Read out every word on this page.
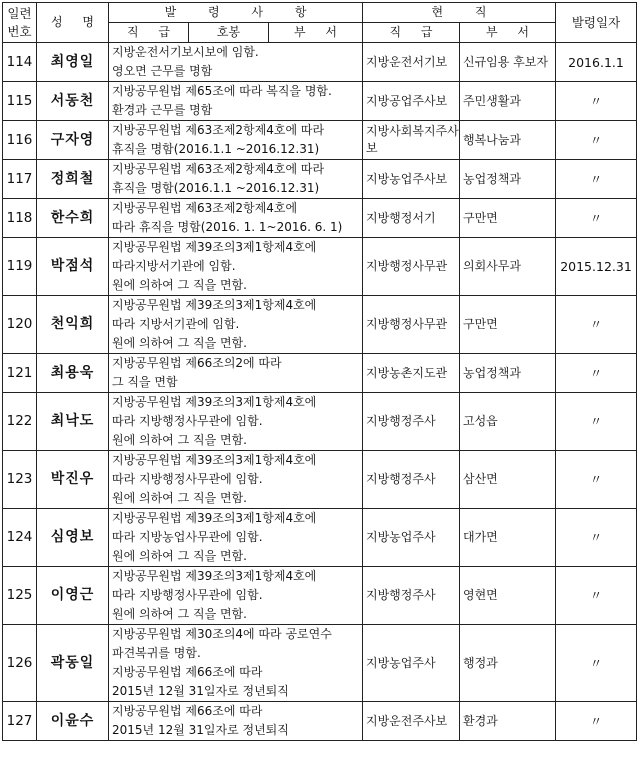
일련
번호	성 명	발 령 사 항			현 직		발령일자
		직 급	호봉	부 서	직 급	부 서	
114	최영일	지방운전서기보시보에 임함.
영오면 근무를 명함			지방운전서기보	신규임용 후보자	2016.1.1
115	서동천	지방공무원법 제65조에 따라 복직을 명함.
환경과 근무를 명함			지방공업주사보	주민생활과	〃
116	구자영	지방공무원법 제63조제2항제4호에 따라
휴직을 명함(2016.1.1 ~2016.12.31)			지방사회복지주사보	행복나눔과	〃
117	정희철	지방공무원법 제63조제2항제4호에 따라
휴직을 명함(2016.1.1 ~2016.12.31)			지방농업주사보	농업정책과	〃
118	한수희	지방공무원법 제63조제2항제4호에
따라 휴직을 명함(2016. 1. 1~2016. 6. 1)			지방행정서기	구만면	〃
119	박점석	지방공무원법 제39조의3제1항제4호에
따라지방서기관에 임함.
원에 의하여 그 직을 면함.			지방행정사무관	의회사무과	2015.12.31
120	천익희	지방공무원법 제39조의3제1항제4호에
따라 지방서기관에 임함.
원에 의하여 그 직을 면함.			지방행정사무관	구만면	〃
121	최용욱	지방공무원법 제66조의2에 따라
그 직을 면함			지방농촌지도관	농업정책과	〃
122	최낙도	지방공무원법 제39조의3제1항제4호에
따라 지방행정사무관에 임함.
원에 의하여 그 직을 면함.			지방행정주사	고성읍	〃
123	박진우	지방공무원법 제39조의3제1항제4호에
따라 지방행정사무관에 임함.
원에 의하여 그 직을 면함.			지방행정주사	삼산면	〃
124	심영보	지방공무원법 제39조의3제1항제4호에
따라 지방농업사무관에 임함.
원에 의하여 그 직을 면함.			지방농업주사	대가면	〃
125	이영근	지방공무원법 제39조의3제1항제4호에
따라 지방행정사무관에 임함.
원에 의하여 그 직을 면함.			지방행정주사	영현면	〃
126	곽동일	지방공무원법 제30조의4에 따라 공로연수
파견복귀를 명함.
지방공무원법 제66조에 따라
2015년 12월 31일자로 정년퇴직			지방농업주사	행정과	〃
127	이윤수	지방공무원법 제66조에 따라
2015년 12월 31일자로 정년퇴직			지방운전주사보	환경과	〃
